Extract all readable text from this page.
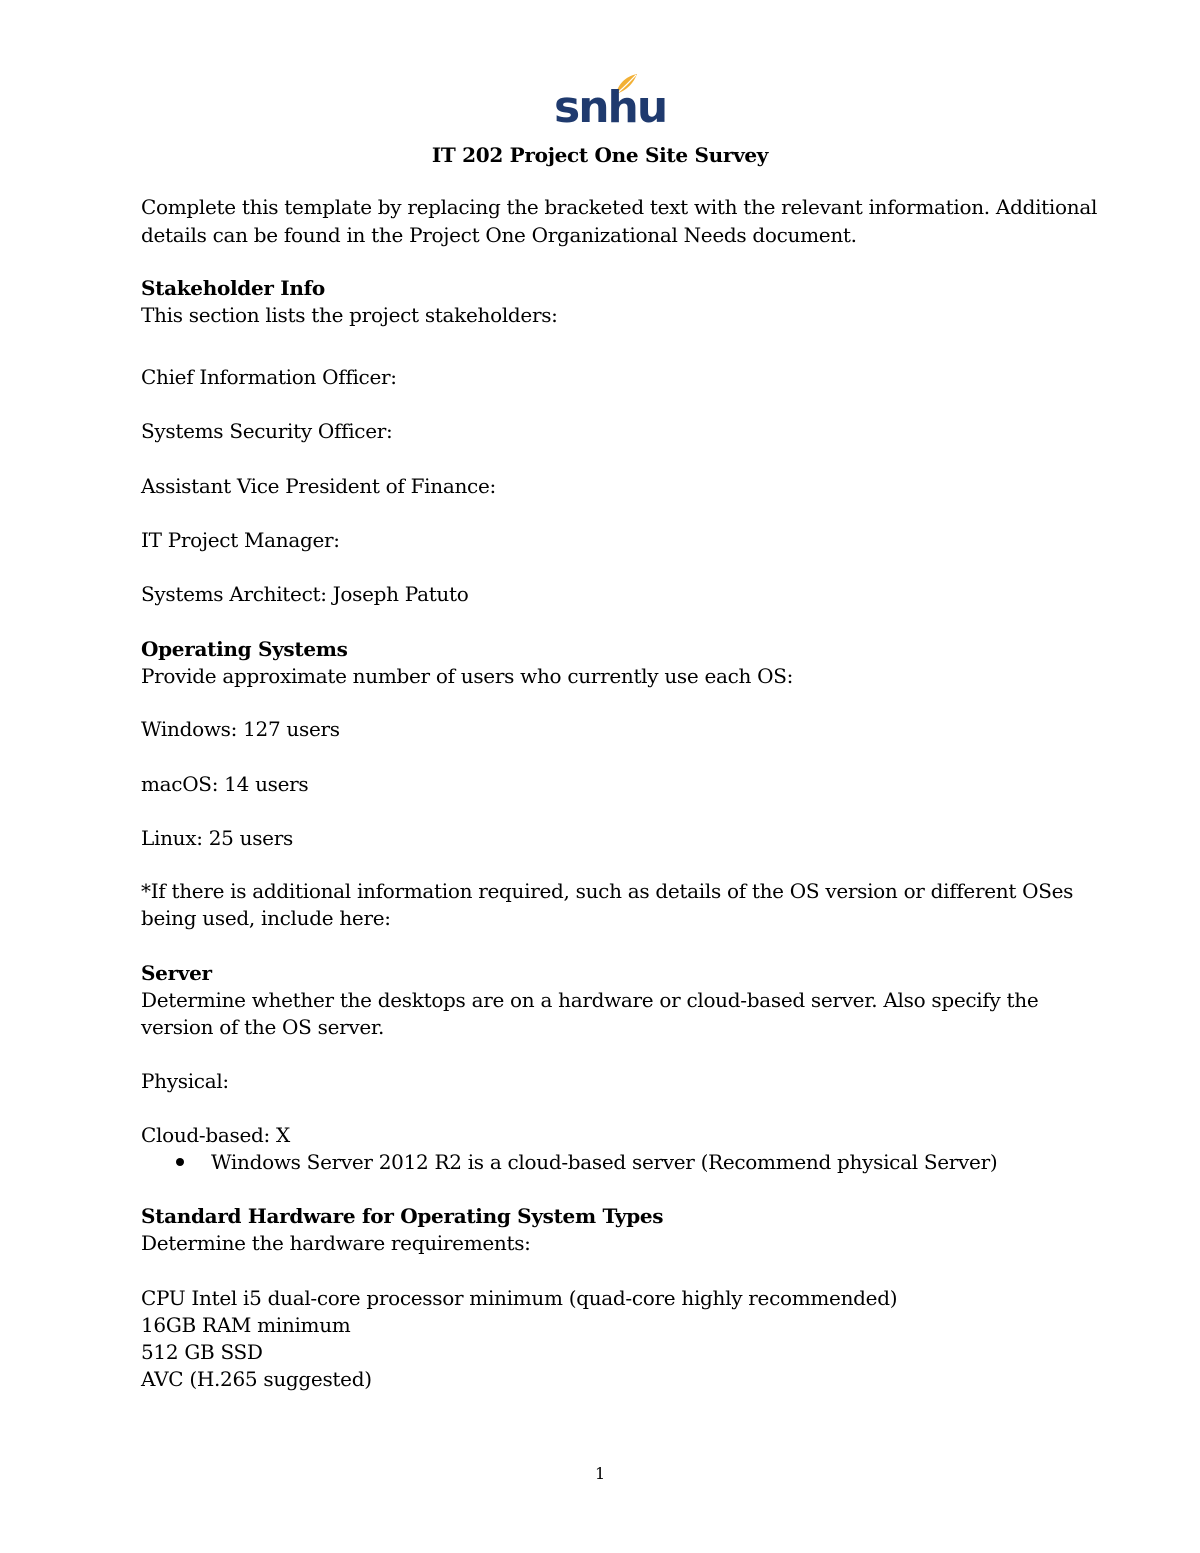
snhu
IT 202 Project One Site Survey
Complete this template by replacing the bracketed text with the relevant information. Additional
details can be found in the Project One Organizational Needs document.
Stakeholder Info
This section lists the project stakeholders:
Chief Information Officer:
Systems Security Officer:
Assistant Vice President of Finance:
IT Project Manager:
Systems Architect: Joseph Patuto
Operating Systems
Provide approximate number of users who currently use each OS:
Windows: 127 users
macOS: 14 users
Linux: 25 users
*If there is additional information required, such as details of the OS version or different OSes
being used, include here:
Server
Determine whether the desktops are on a hardware or cloud-based server. Also specify the
version of the OS server.
Physical:
Cloud-based: X
Windows Server 2012 R2 is a cloud-based server (Recommend physical Server)
Standard Hardware for Operating System Types
Determine the hardware requirements:
CPU Intel i5 dual-core processor minimum (quad-core highly recommended)
16GB RAM minimum
512 GB SSD
AVC (H.265 suggested)
1
